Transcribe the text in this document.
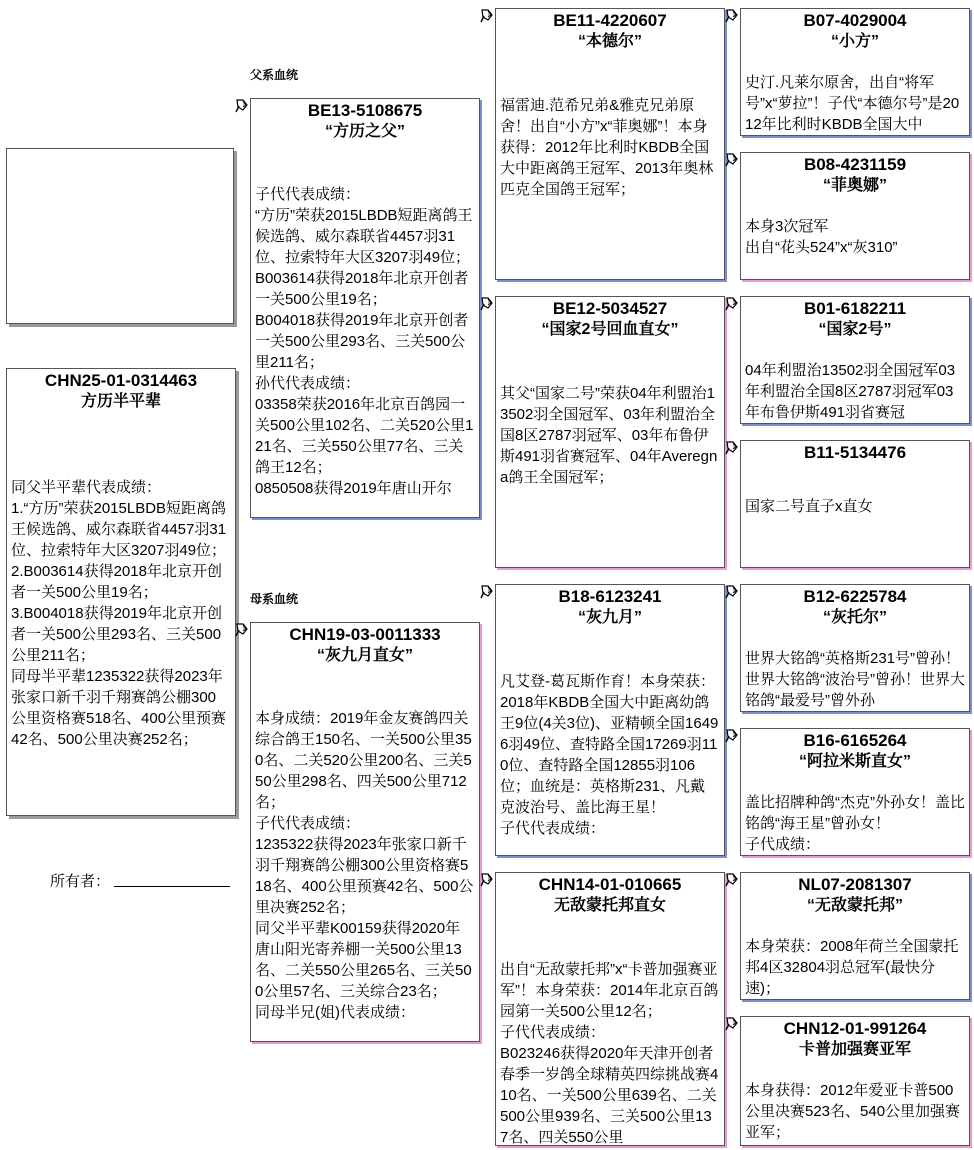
CHN25-01-0314463
方历半平辈
同父半平辈代表成绩：
1.“方历”荣获2015LBDB短距离鸽王候选鸽、威尔森联省4457羽31位、拉索特年大区3207羽49位；
2.B003614获得2018年北京开创者一关500公里19名；
3.B004018获得2019年北京开创者一关500公里293名、三关500公里211名；
同母半平辈1235322获得2023年张家口新千羽千翔赛鸽公棚300公里资格赛518名、400公里预赛42名、500公里决赛252名；
所有者：
父系血统
母系血统
BE13-5108675
“方历之父”
子代代表成绩：
“方历”荣获2015LBDB短距离鸽王候选鸽、威尔森联省4457羽31位、拉索特年大区3207羽49位；
B003614获得2018年北京开创者一关500公里19名；
B004018获得2019年北京开创者一关500公里293名、三关500公里211名；
孙代代表成绩：
03358荣获2016年北京百鸽园一关500公里102名、二关520公里121名、三关550公里77名、三关鸽王12名；
0850508获得2019年唐山开尔
CHN19-03-0011333
“灰九月直女”
本身成绩：2019年金友赛鸽四关综合鸽王150名、一关500公里350名、二关520公里200名、三关550公里298名、四关500公里712名；
子代代表成绩：
1235322获得2023年张家口新千羽千翔赛鸽公棚300公里资格赛518名、400公里预赛42名、500公里决赛252名；
同父半平辈K00159获得2020年唐山阳光寄养棚一关500公里13名、二关550公里265名、三关500公里57名、三关综合23名；
同母半兄(姐)代表成绩：
BE11-4220607
“本德尔”
福雷迪.范希兄弟&雅克兄弟原舍！出自“小方”x“菲奥娜”！本身获得：2012年比利时KBDB全国大中距离鸽王冠军、2013年奥林匹克全国鸽王冠军；
BE12-5034527
“国家2号回血直女”
其父“国家二号”荣获04年利盟治13502羽全国冠军、03年利盟治全国8区2787羽冠军、03年布鲁伊斯491羽省赛冠军、04年Averegna鸽王全国冠军；
B18-6123241
“灰九月”
凡艾登-葛瓦斯作育！本身荣获：2018年KBDB全国大中距离幼鸽王9位(4关3位)、亚精顿全国16496羽49位、查特路全国17269羽110位、查特路全国12855羽106位；血统是：英格斯231、凡戴克波治号、盖比海王星！
子代代表成绩：
CHN14-01-010665
无敌蒙托邦直女
出自“无敌蒙托邦”x“卡普加强赛亚军”！本身荣获：2014年北京百鸽园第一关500公里12名；
子代代表成绩：
B023246获得2020年天津开创者春季一岁鸽全球精英四综挑战赛410名、一关500公里639名、二关500公里939名、三关500公里137名、四关550公里
B07-4029004
“小方”
史汀.凡莱尔原舍，出自“将军号”x“萝拉”！子代“本德尔号”是2012年比利时KBDB全国大中
B08-4231159
“菲奥娜”
本身3次冠军
出自“花头524”x“灰310”
B01-6182211
“国家2号”
04年利盟治13502羽全国冠军03年利盟治全国8区2787羽冠军03年布鲁伊斯491羽省赛冠
B11-5134476
国家二号直子x直女
B12-6225784
“灰托尔”
世界大铭鸽“英格斯231号”曾孙！世界大铭鸽“波治号”曾孙！世界大铭鸽“最爱号”曾外孙
B16-6165264
“阿拉米斯直女”
盖比招牌种鸽“杰克”外孙女！盖比铭鸽“海王星”曾孙女！
子代成绩：
NL07-2081307
“无敌蒙托邦”
本身荣获：2008年荷兰全国蒙托邦4区32804羽总冠军(最快分速)；
CHN12-01-991264
卡普加强赛亚军
本身获得：2012年爱亚卡普500公里决赛523名、540公里加强赛亚军；
